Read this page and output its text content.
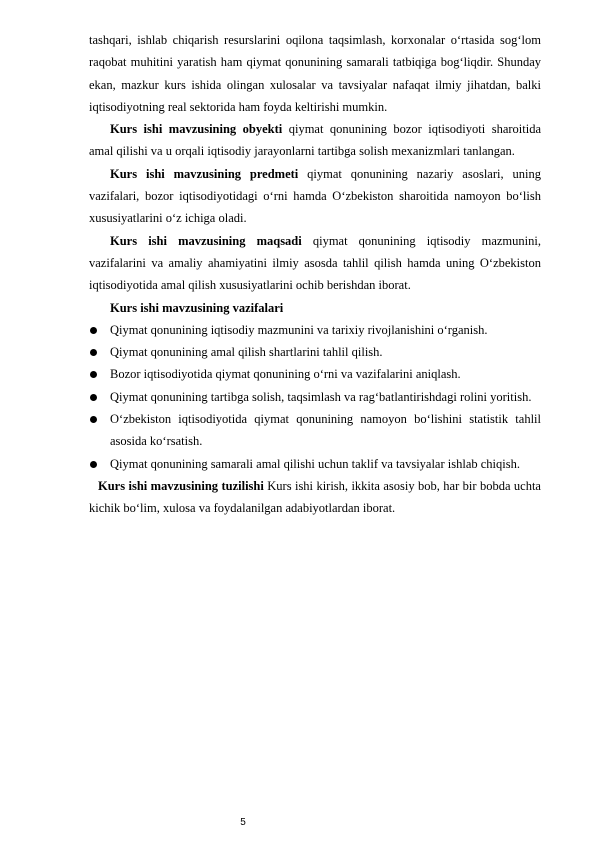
tashqari, ishlab chiqarish resurslarini oqilona taqsimlash, korxonalar o‘rtasida sog‘lom raqobat muhitini yaratish ham qiymat qonunining samarali tatbiqiga bog‘liqdir. Shunday ekan, mazkur kurs ishida olingan xulosalar va tavsiyalar nafaqat ilmiy jihatdan, balki iqtisodiyotning real sektorida ham foyda keltirishi mumkin.

Kurs ishi mavzusining obyekti qiymat qonunining bozor iqtisodiyoti sharoitida amal qilishi va u orqali iqtisodiy jarayonlarni tartibga solish mexanizmlari tanlangan.

Kurs ishi mavzusining predmeti qiymat qonunining nazariy asoslari, uning vazifalari, bozor iqtisodiyotidagi o‘rni hamda O‘zbekiston sharoitida namoyon bo‘lish xususiyatlarini o‘z ichiga oladi.

Kurs ishi mavzusining maqsadi qiymat qonunining iqtisodiy mazmunini, vazifalarini va amaliy ahamiyatini ilmiy asosda tahlil qilish hamda uning O‘zbekiston iqtisodiyotida amal qilish xususiyatlarini ochib berishdan iborat.

Kurs ishi mavzusining vazifalari

Qiymat qonunining iqtisodiy mazmunini va tarixiy rivojlanishini o‘rganish.
Qiymat qonunining amal qilish shartlarini tahlil qilish.
Bozor iqtisodiyotida qiymat qonunining o‘rni va vazifalarini aniqlash.
Qiymat qonunining tartibga solish, taqsimlash va rag‘batlantirishdagi rolini yoritish.
O‘zbekiston iqtisodiyotida qiymat qonunining namoyon bo‘lishini statistik tahlil asosida ko‘rsatish.
Qiymat qonunining samarali amal qilishi uchun taklif va tavsiyalar ishlab chiqish.

Kurs ishi mavzusining tuzilishi Kurs ishi kirish, ikkita asosiy bob, har bir bobda uchta kichik bo‘lim, xulosa va foydalanilgan adabiyotlardan iborat.

5
